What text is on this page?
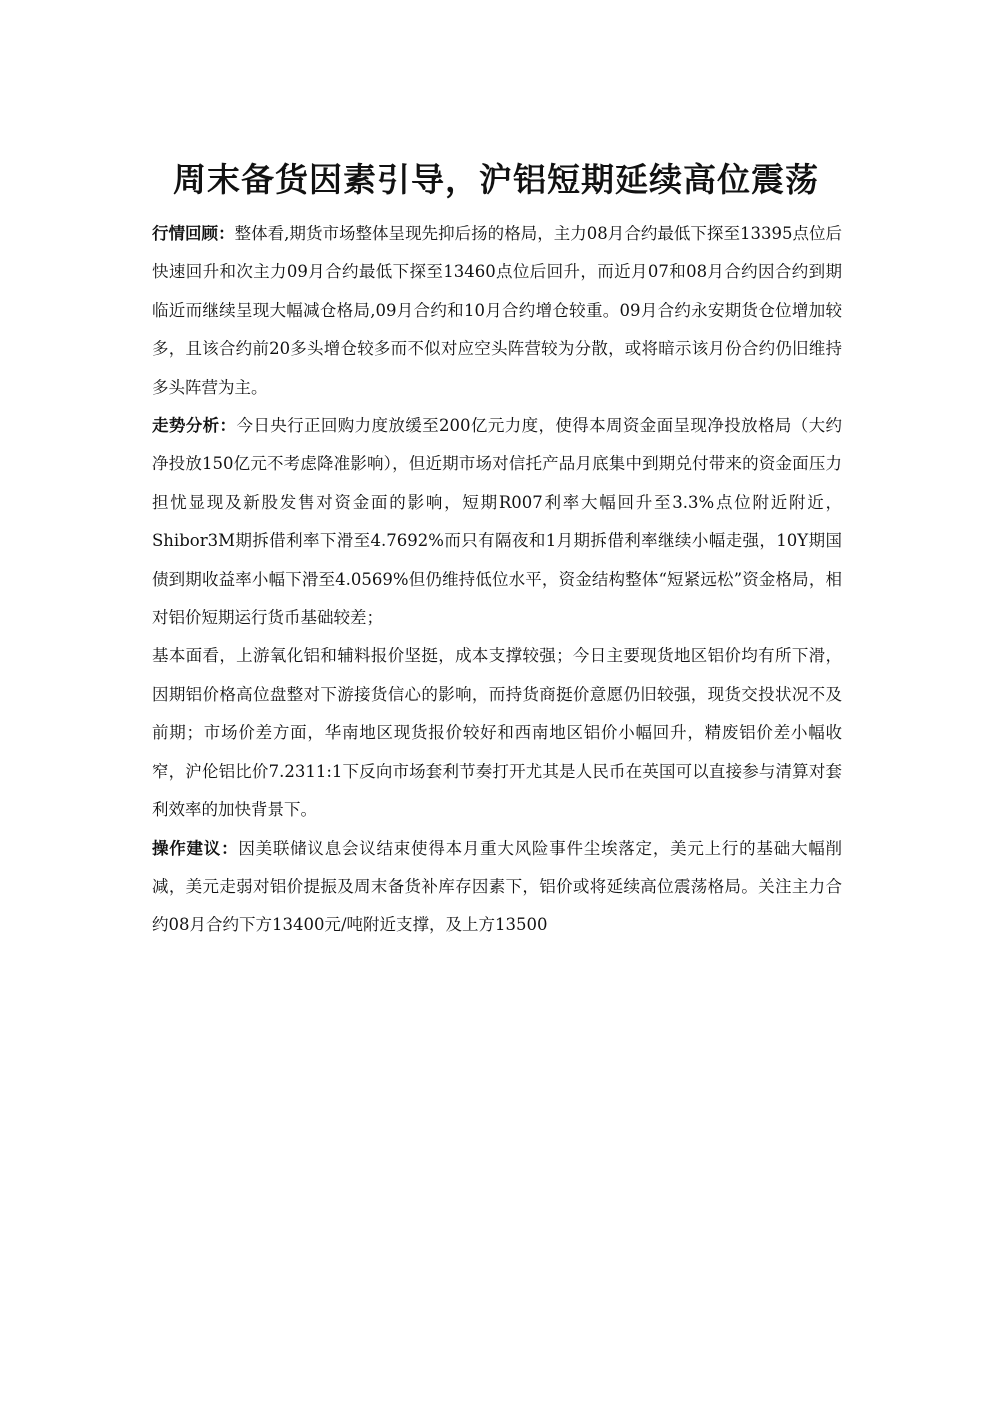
周末备货因素引导，沪铝短期延续高位震荡

行情回顾：整体看,期货市场整体呈现先抑后扬的格局，主力08月合约最低下探至13395点位后快速回升和次主力09月合约最低下探至13460点位后回升，而近月07和08月合约因合约到期临近而继续呈现大幅减仓格局,09月合约和10月合约增仓较重。09月合约永安期货仓位增加较多，且该合约前20多头增仓较多而不似对应空头阵营较为分散，或将暗示该月份合约仍旧维持多头阵营为主。

走势分析：今日央行正回购力度放缓至200亿元力度，使得本周资金面呈现净投放格局（大约净投放150亿元不考虑降准影响），但近期市场对信托产品月底集中到期兑付带来的资金面压力担忧显现及新股发售对资金面的影响，短期R007利率大幅回升至3.3%点位附近附近，Shibor3M期拆借利率下滑至4.7692%而只有隔夜和1月期拆借利率继续小幅走强，10Y期国债到期收益率小幅下滑至4.0569%但仍维持低位水平，资金结构整体“短紧远松”资金格局，相对铝价短期运行货币基础较差；

基本面看，上游氧化铝和辅料报价坚挺，成本支撑较强；今日主要现货地区铝价均有所下滑，因期铝价格高位盘整对下游接货信心的影响，而持货商挺价意愿仍旧较强，现货交投状况不及前期；市场价差方面，华南地区现货报价较好和西南地区铝价小幅回升，精废铝价差小幅收窄，沪伦铝比价7.2311:1下反向市场套利节奏打开尤其是人民币在英国可以直接参与清算对套利效率的加快背景下。

操作建议：因美联储议息会议结束使得本月重大风险事件尘埃落定，美元上行的基础大幅削减，美元走弱对铝价提振及周末备货补库存因素下，铝价或将延续高位震荡格局。关注主力合约08月合约下方13400元/吨附近支撑，及上方13500
